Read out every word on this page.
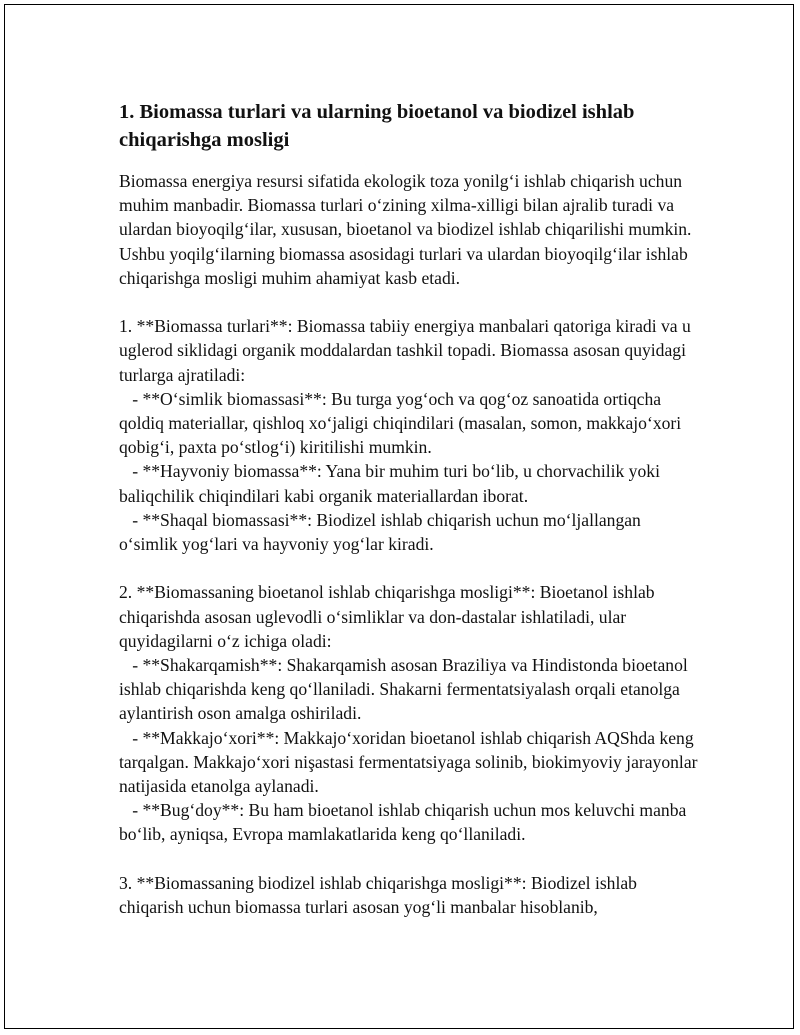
1. Biomassa turlari va ularning bioetanol va biodizel ishlab chiqarishga mosligi

Biomassa energiya resursi sifatida ekologik toza yonilg‘i ishlab chiqarish uchun muhim manbadir. Biomassa turlari o‘zining xilma-xilligi bilan ajralib turadi va ulardan bioyoqilg‘ilar, xususan, bioetanol va biodizel ishlab chiqarilishi mumkin. Ushbu yoqilg‘ilarning biomassa asosidagi turlari va ulardan bioyoqilg‘ilar ishlab chiqarishga mosligi muhim ahamiyat kasb etadi.

1. **Biomassa turlari**: Biomassa tabiiy energiya manbalari qatoriga kiradi va u uglerod siklidagi organik moddalardan tashkil topadi. Biomassa asosan quyidagi turlarga ajratiladi:
- **O‘simlik biomassasi**: Bu turga yog‘och va qog‘oz sanoatida ortiqcha qoldiq materiallar, qishloq xo‘jaligi chiqindilari (masalan, somon, makkajo‘xori qobig‘i, paxta po‘stlog‘i) kiritilishi mumkin.
- **Hayvoniy biomassa**: Yana bir muhim turi bo‘lib, u chorvachilik yoki baliqchilik chiqindilari kabi organik materiallardan iborat.
- **Shaqal biomassasi**: Biodizel ishlab chiqarish uchun mo‘ljallangan o‘simlik yog‘lari va hayvoniy yog‘lar kiradi.

2. **Biomassaning bioetanol ishlab chiqarishga mosligi**: Bioetanol ishlab chiqarishda asosan uglevodli o‘simliklar va don-dastalar ishlatiladi, ular quyidagilarni o‘z ichiga oladi:
- **Shakarqamish**: Shakarqamish asosan Braziliya va Hindistonda bioetanol ishlab chiqarishda keng qo‘llaniladi. Shakarni fermentatsiyalash orqali etanolga aylantirish oson amalga oshiriladi.
- **Makkajo‘xori**: Makkajo‘xoridan bioetanol ishlab chiqarish AQShda keng tarqalgan. Makkajo‘xori nişastasi fermentatsiyaga solinib, biokimyoviy jarayonlar natijasida etanolga aylanadi.
- **Bug‘doy**: Bu ham bioetanol ishlab chiqarish uchun mos keluvchi manba bo‘lib, ayniqsa, Evropa mamlakatlarida keng qo‘llaniladi.

3. **Biomassaning biodizel ishlab chiqarishga mosligi**: Biodizel ishlab chiqarish uchun biomassa turlari asosan yog‘li manbalar hisoblanib,
